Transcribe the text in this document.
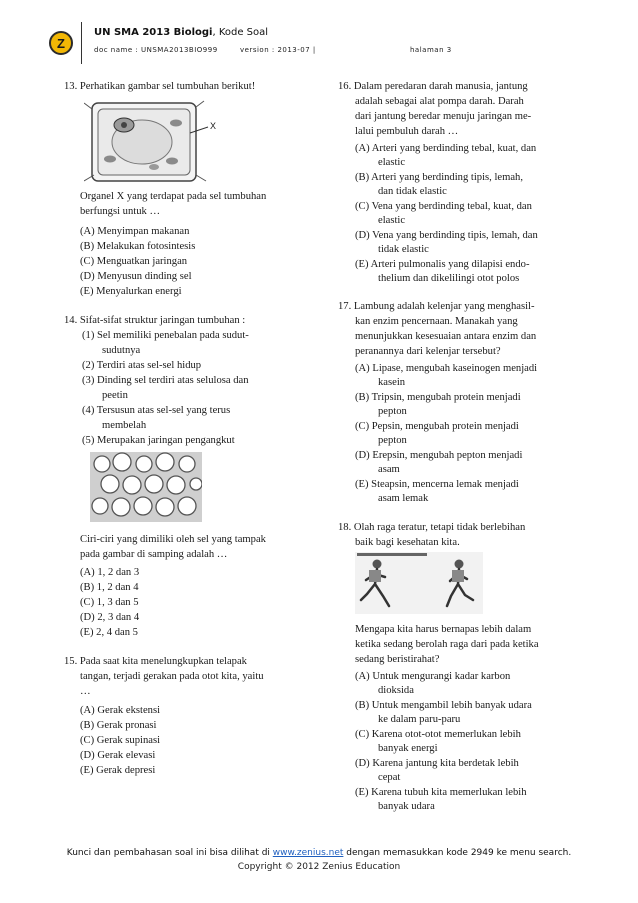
Z
UN SMA 2013 Biologi, Kode Soal
doc name : UNSMA2013BIO999	version : 2013-07 |	halaman 3
13. Perhatikan gambar sel tumbuhan berikut!
X
Organel X yang terdapat pada sel tumbuhan
berfungsi untuk …
(A) Menyimpan makanan
(B) Melakukan fotosintesis
(C) Menguatkan jaringan
(D) Menyusun dinding sel
(E) Menyalurkan energi
14. Sifat-sifat struktur jaringan tumbuhan :
(1) Sel memiliki penebalan pada sudut-
sudutnya
(2) Terdiri atas sel-sel hidup
(3) Dinding sel terdiri atas selulosa dan
peetin
(4) Tersusun atas sel-sel yang terus
membelah
(5) Merupakan jaringan pengangkut
Ciri-ciri yang dimiliki oleh sel yang tampak
pada gambar di samping adalah …
(A) 1, 2 dan 3
(B) 1, 2 dan 4
(C) 1, 3 dan 5
(D) 2, 3 dan 4
(E) 2, 4 dan 5
15. Pada saat kita menelungkupkan telapak
tangan, terjadi gerakan pada otot kita, yaitu
…
(A) Gerak ekstensi
(B) Gerak pronasi
(C) Gerak supinasi
(D) Gerak elevasi
(E) Gerak depresi
16. Dalam peredaran darah manusia, jantung
adalah sebagai alat pompa darah. Darah
dari jantung beredar menuju jaringan me-
lalui pembuluh darah …
(A) Arteri yang berdinding tebal, kuat, dan
elastic
(B) Arteri yang berdinding tipis, lemah,
dan tidak elastic
(C) Vena yang berdinding tebal, kuat, dan
elastic
(D) Vena yang berdinding tipis, lemah, dan
tidak elastic
(E) Arteri pulmonalis yang dilapisi endo-
thelium dan dikelilingi otot polos
17. Lambung adalah kelenjar yang menghasil-
kan enzim pencernaan. Manakah yang
menunjukkan kesesuaian antara enzim dan
peranannya dari kelenjar tersebut?
(A) Lipase, mengubah kaseinogen menjadi
kasein
(B) Tripsin, mengubah protein menjadi
pepton
(C) Pepsin, mengubah protein menjadi
pepton
(D) Erepsin, mengubah pepton menjadi
asam
(E) Steapsin, mencerna lemak menjadi
asam lemak
18. Olah raga teratur, tetapi tidak berlebihan
baik bagi kesehatan kita.
Mengapa kita harus bernapas lebih dalam
ketika sedang berolah raga dari pada ketika
sedang beristirahat?
(A) Untuk mengurangi kadar karbon
dioksida
(B) Untuk mengambil lebih banyak udara
ke dalam paru-paru
(C) Karena otot-otot memerlukan lebih
banyak energi
(D) Karena jantung kita berdetak lebih
cepat
(E) Karena tubuh kita memerlukan lebih
banyak udara
Kunci dan pembahasan soal ini bisa dilihat di www.zenius.net dengan memasukkan kode 2949 ke menu search.
Copyright © 2012 Zenius Education
